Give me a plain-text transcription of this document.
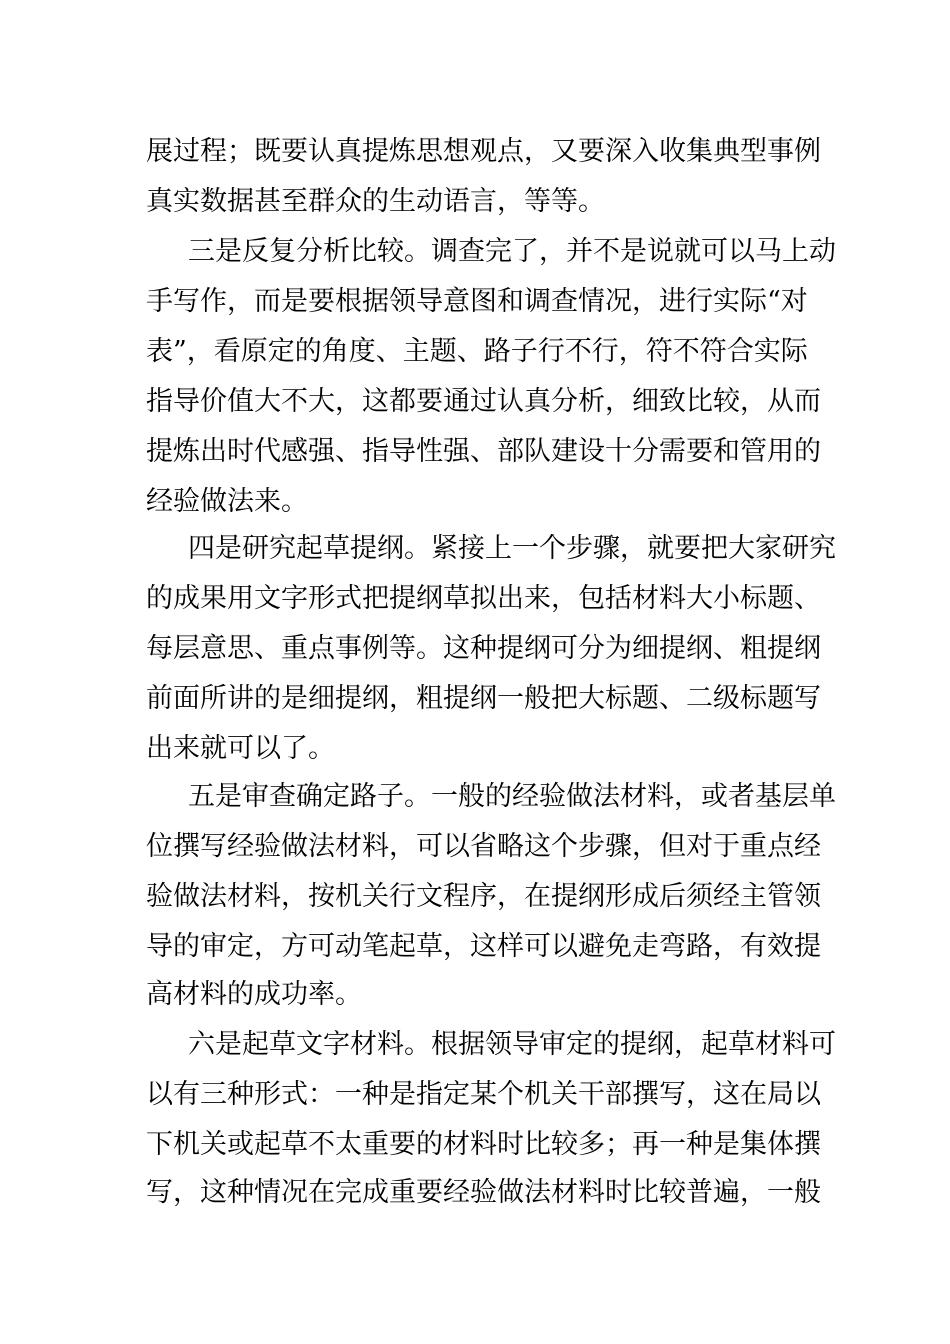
展过程；既要认真提炼思想观点，又要深入收集典型事例
真实数据甚至群众的生动语言，等等。
三是反复分析比较。调查完了，并不是说就可以马上动
手写作，而是要根据领导意图和调查情况，进行实际“对
表”，看原定的角度、主题、路子行不行，符不符合实际
指导价值大不大，这都要通过认真分析，细致比较，从而
提炼出时代感强、指导性强、部队建设十分需要和管用的
经验做法来。
四是研究起草提纲。紧接上一个步骤，就要把大家研究
的成果用文字形式把提纲草拟出来，包括材料大小标题、
每层意思、重点事例等。这种提纲可分为细提纲、粗提纲
前面所讲的是细提纲，粗提纲一般把大标题、二级标题写
出来就可以了。
五是审查确定路子。一般的经验做法材料，或者基层单
位撰写经验做法材料，可以省略这个步骤，但对于重点经
验做法材料，按机关行文程序，在提纲形成后须经主管领
导的审定，方可动笔起草，这样可以避免走弯路，有效提
高材料的成功率。
六是起草文字材料。根据领导审定的提纲，起草材料可
以有三种形式：一种是指定某个机关干部撰写，这在局以
下机关或起草不太重要的材料时比较多；再一种是集体撰
写，这种情况在完成重要经验做法材料时比较普遍，一般
